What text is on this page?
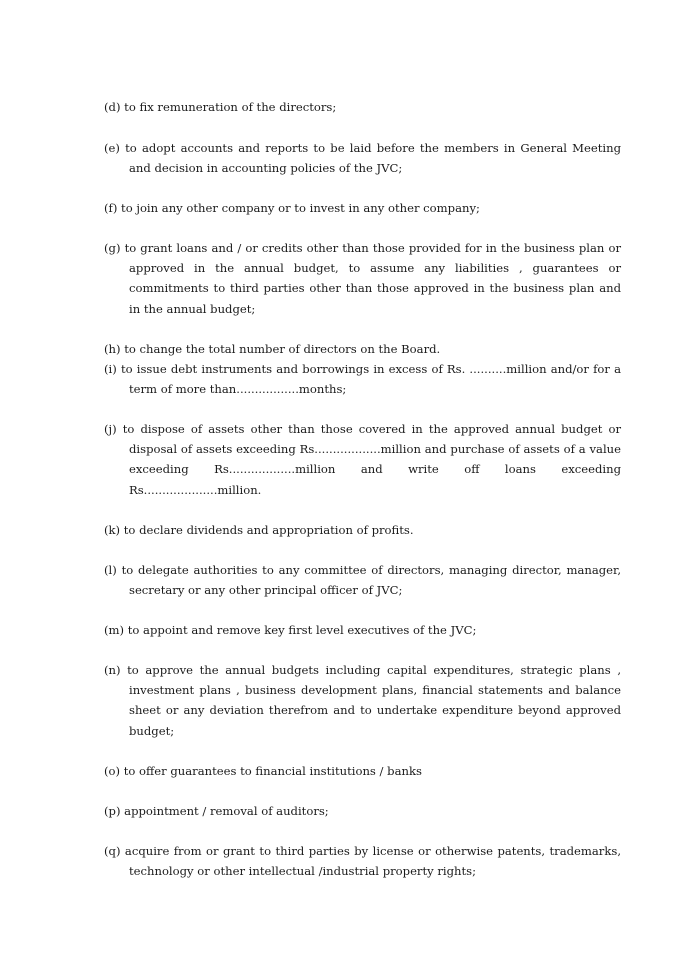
(d) to fix remuneration of the directors;

(e) to adopt accounts and reports to be laid before the members in General Meeting and decision in accounting policies of the JVC;

(f) to join any other company or to invest in any other company;

(g) to grant loans and / or credits other than those provided for in the business plan or approved in the annual budget, to assume any liabilities , guarantees or commitments to third parties other than those approved in the business plan and in the annual budget;

(h) to change the total number of directors on the Board.

(i) to issue debt instruments and borrowings in excess of Rs. ..........million and/or for a term of more than.................months;

(j) to dispose of assets other than those covered in the approved annual budget or disposal of assets exceeding Rs..................million and purchase of assets of a value exceeding Rs..................million and write off loans exceeding Rs....................million.

(k) to declare dividends and appropriation of profits.

(l) to delegate authorities to any committee of directors, managing director, manager, secretary or any other principal officer of JVC;

(m) to appoint and remove key first level executives of the JVC;

(n) to approve the annual budgets including capital expenditures, strategic plans , investment plans , business development plans, financial statements and balance sheet or any deviation therefrom and to undertake expenditure beyond approved budget;

(o) to offer guarantees to financial institutions / banks

(p) appointment / removal of auditors;

(q) acquire from or grant to third parties by license or otherwise patents, trademarks, technology or other intellectual /industrial property rights;
